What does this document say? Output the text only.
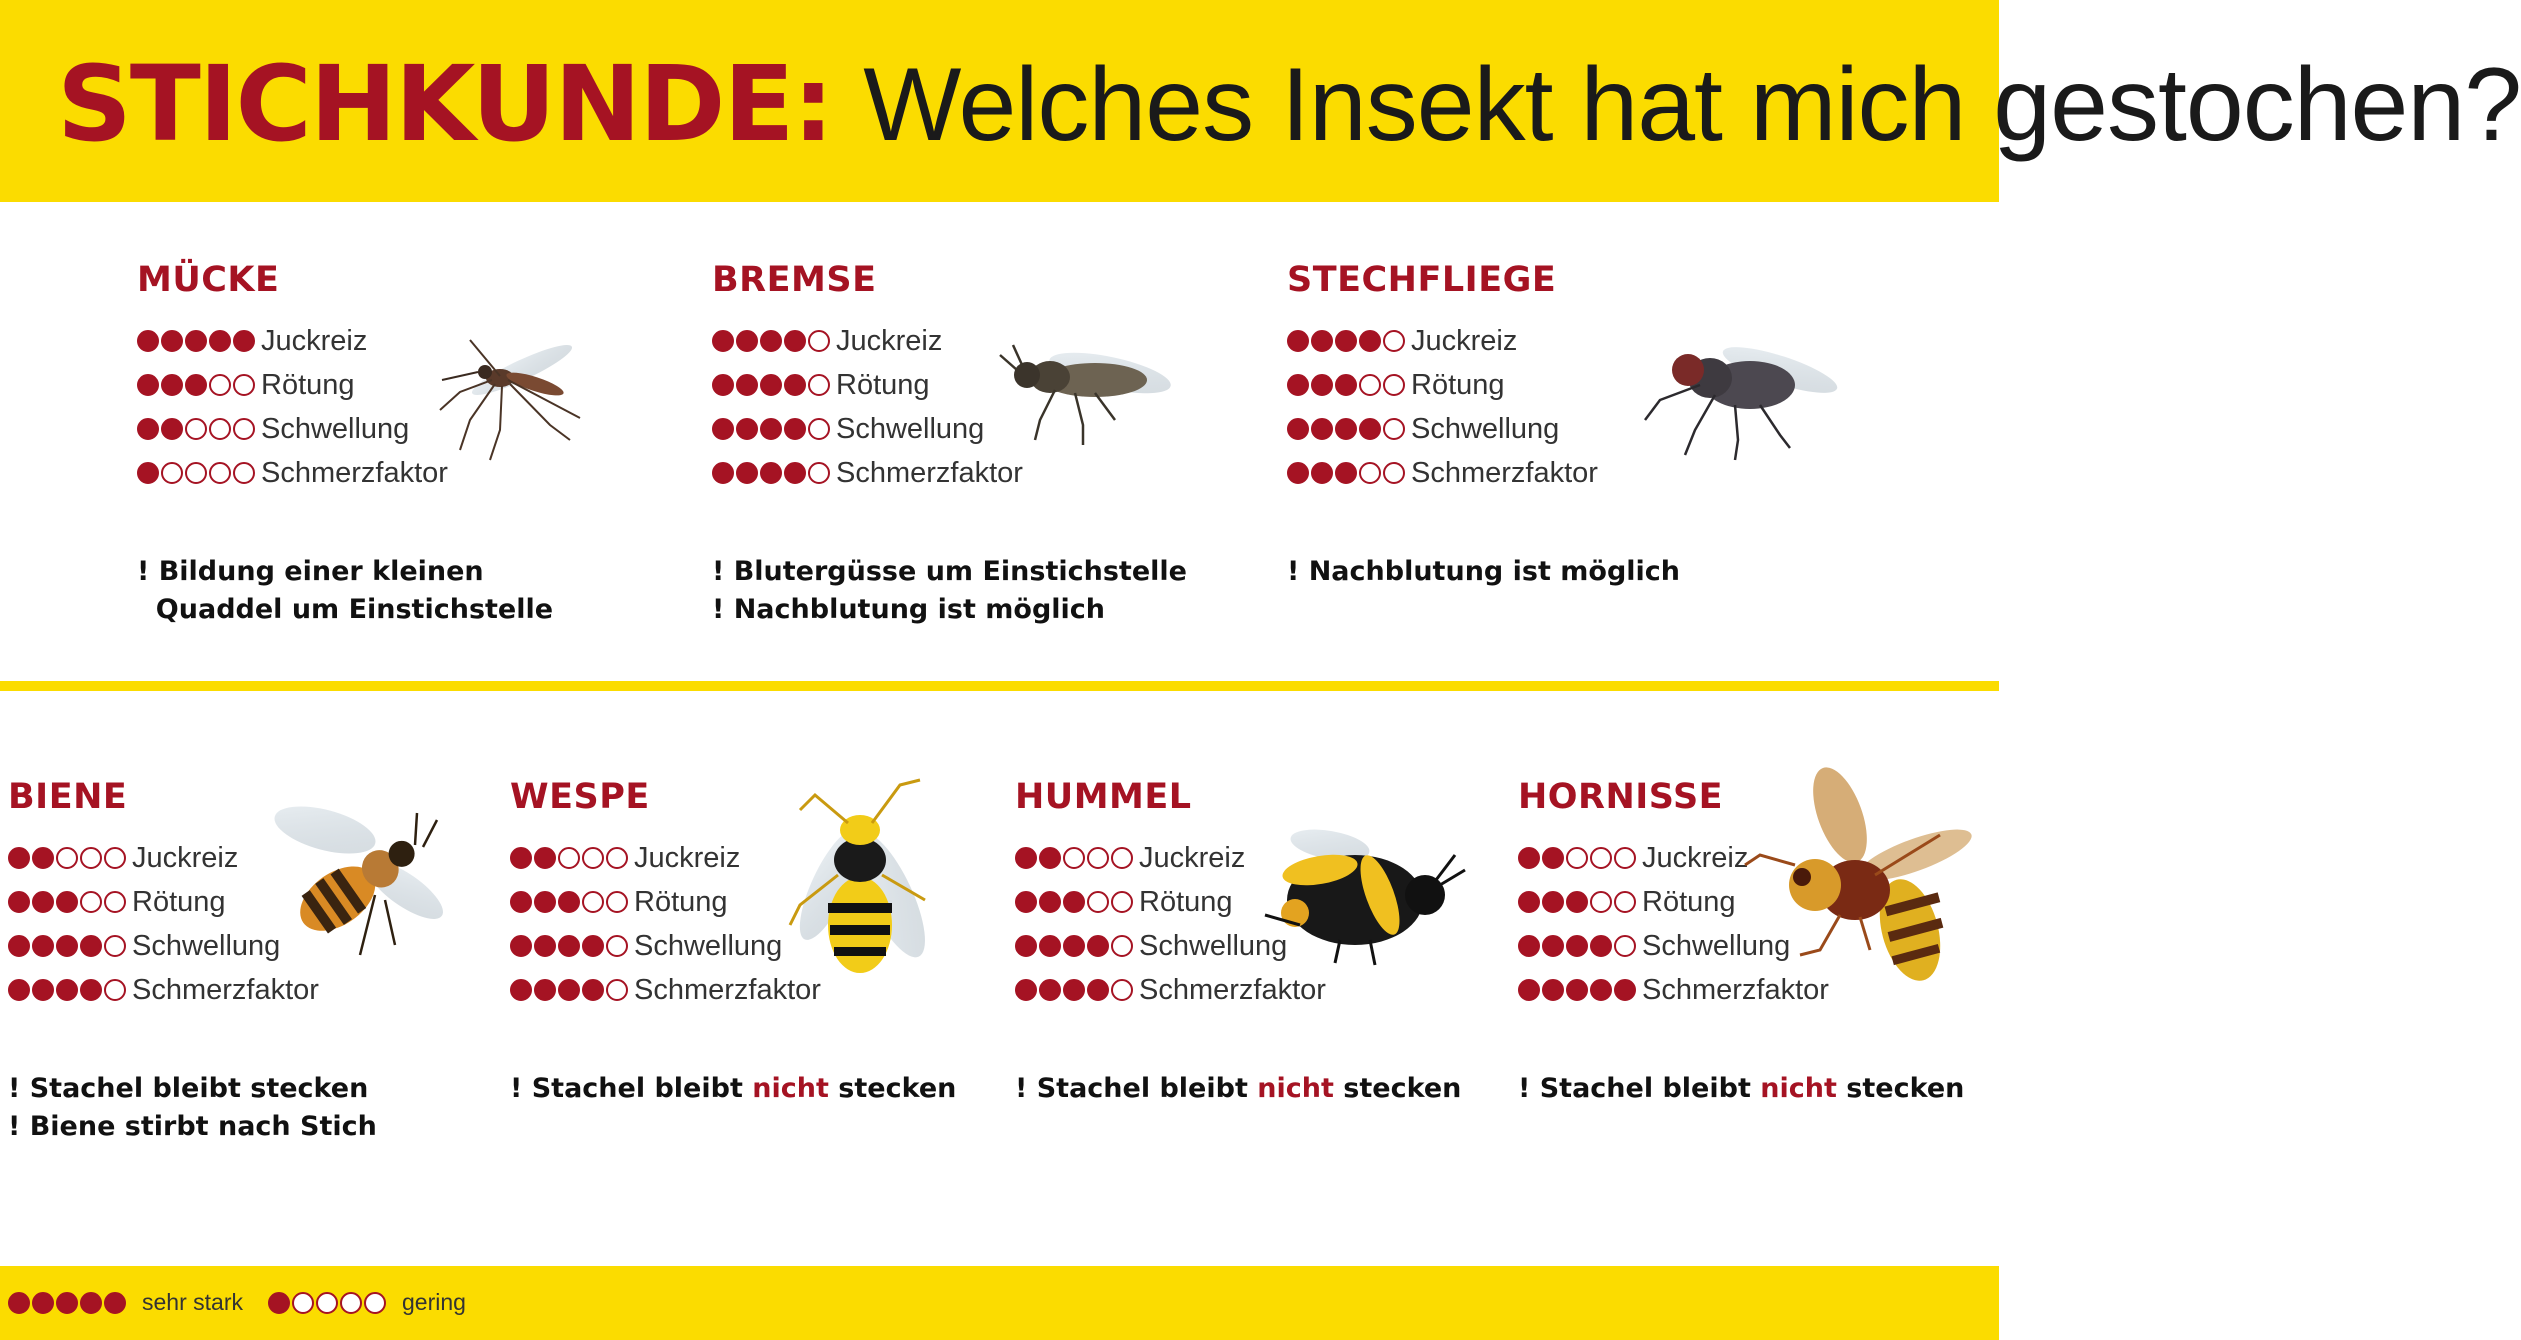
STICHKUNDE: Welches Insekt hat mich gestochen?
MÜCKE
Juckreiz
Rötung
Schwellung
Schmerzfaktor
! Bildung einer kleinen
Quaddel um Einstichstelle
BREMSE
Juckreiz
Rötung
Schwellung
Schmerzfaktor
! Blutergüsse um Einstichstelle
! Nachblutung ist möglich
STECHFLIEGE
Juckreiz
Rötung
Schwellung
Schmerzfaktor
! Nachblutung ist möglich
BIENE
Juckreiz
Rötung
Schwellung
Schmerzfaktor
! Stachel bleibt stecken
! Biene stirbt nach Stich
WESPE
Juckreiz
Rötung
Schwellung
Schmerzfaktor
! Stachel bleibt nicht stecken
HUMMEL
Juckreiz
Rötung
Schwellung
Schmerzfaktor
! Stachel bleibt nicht stecken
HORNISSE
Juckreiz
Rötung
Schwellung
Schmerzfaktor
! Stachel bleibt nicht stecken
sehr stark	gering
